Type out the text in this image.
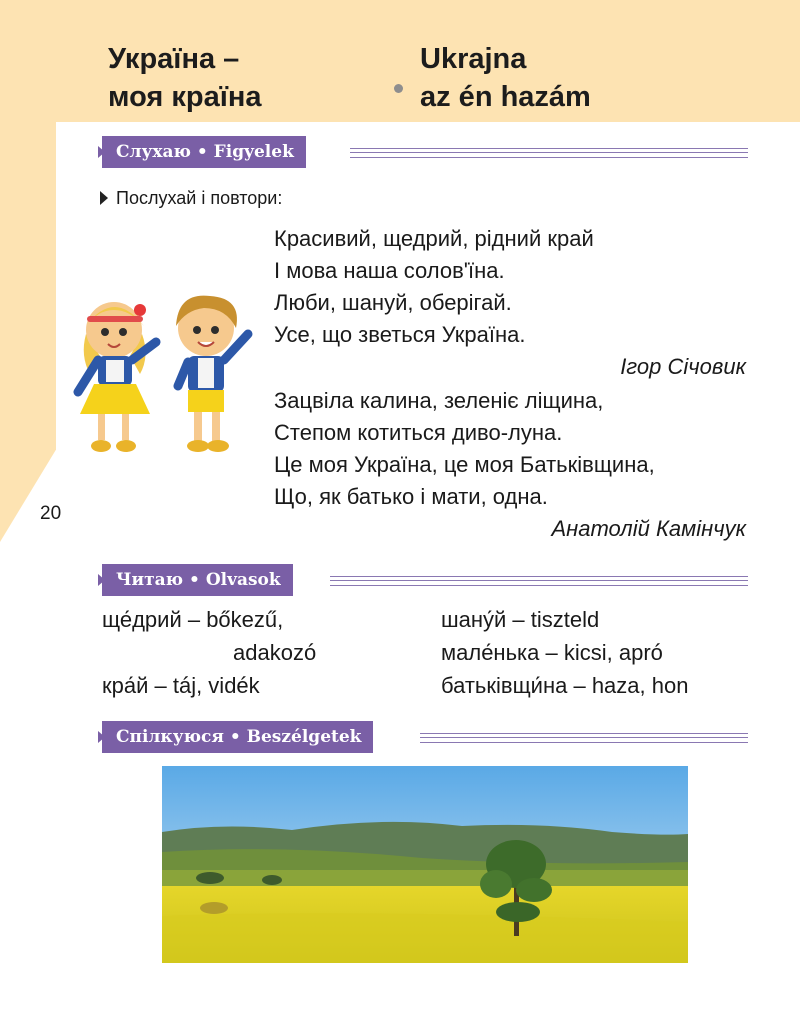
Україна –
моя країна
Ukrajna
az én hazám
20
Слухаю • Figyelek
Послухай і повтори:
Красивий, щедрий, рідний край
І мова наша солов'їна.
Люби, шануй, оберігай.
Усе, що зветься Україна.
Ігор Січовик
Зацвіла калина, зеленіє ліщина,
Степом котиться диво-луна.
Це моя Україна, це моя Батьківщина,
Що, як батько і мати, одна.
Анатолій Камінчук
Читаю • Olvasok
ще́дрий – bőkezű,
adakozó
кра́й – táj, vidék
шану́й – tiszteld
мале́нька – kicsi, apró
батьківщи́на – haza, hon
Спілкуюся • Beszélgetek
